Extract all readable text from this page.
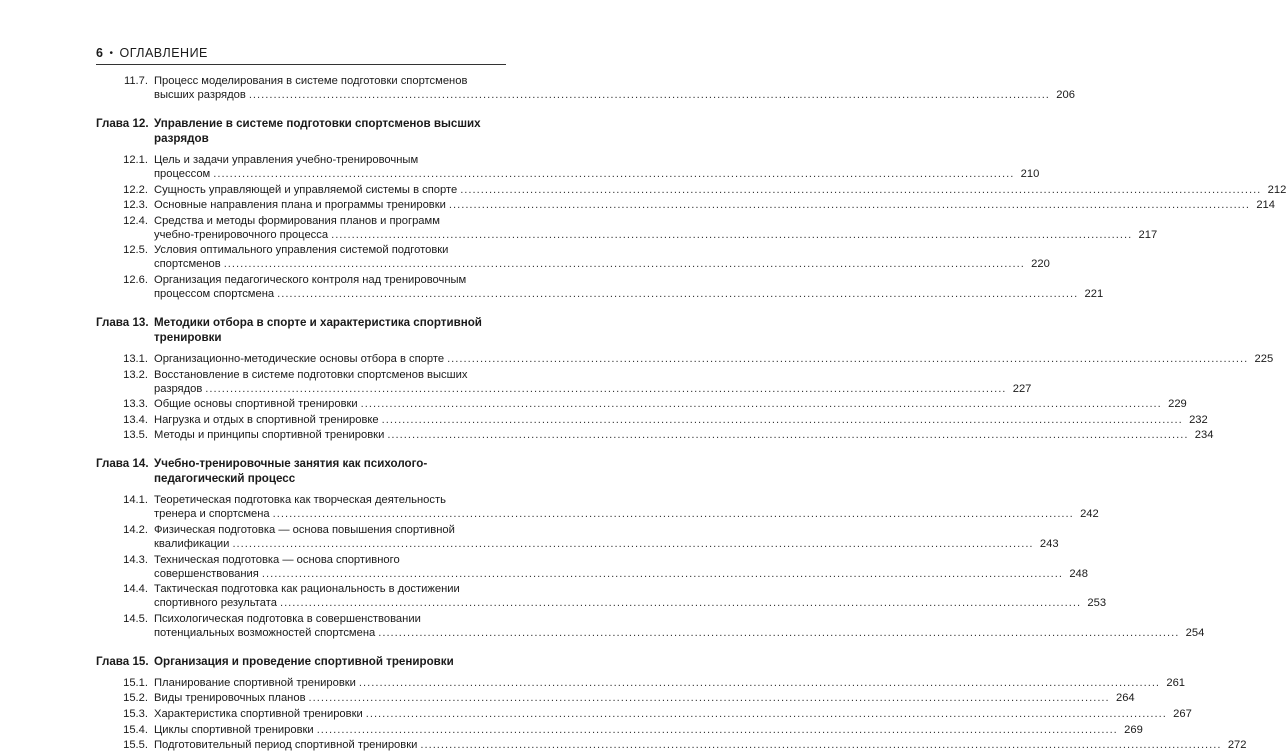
6 • ОГЛАВЛЕНИЕ
11.7. Процесс моделирования в системе подготовки спортсменов
высших разрядов .....	206
Глава 12. Управление в системе подготовки спортсменов высших разрядов
12.1. Цель и задачи управления учебно-тренировочным
процессом .....	210
12.2. Сущность управляющей и управляемой системы в спорте .....	212
12.3. Основные направления плана и программы тренировки .....	214
12.4. Средства и методы формирования планов и программ
учебно-тренировочного процесса .....	217
12.5. Условия оптимального управления системой подготовки
спортсменов .....	220
12.6. Организация педагогического контроля над тренировочным
процессом спортсмена .....	221
Глава 13. Методики отбора в спорте и характеристика спортивной тренировки
13.1. Организационно-методические основы отбора в спорте .....	225
13.2. Восстановление в системе подготовки спортсменов высших
разрядов .....	227
13.3. Общие основы спортивной тренировки .....	229
13.4. Нагрузка и отдых в спортивной тренировке .....	232
13.5. Методы и принципы спортивной тренировки .....	234
Глава 14. Учебно-тренировочные занятия как психолого-педагогический процесс
14.1. Теоретическая подготовка как творческая деятельность
тренера и спортсмена .....	242
14.2. Физическая подготовка — основа повышения спортивной
квалификации .....	243
14.3. Техническая подготовка — основа спортивного
совершенствования .....	248
14.4. Тактическая подготовка как рациональность в достижении
спортивного результата .....	253
14.5. Психологическая подготовка в совершенствовании
потенциальных возможностей спортсмена .....	254
Глава 15. Организация и проведение спортивной тренировки
15.1. Планирование спортивной тренировки .....	261
15.2. Виды тренировочных планов .....	264
15.3. Характеристика спортивной тренировки .....	267
15.4. Циклы спортивной тренировки .....	269
15.5. Подготовительный период спортивной тренировки .....	272
